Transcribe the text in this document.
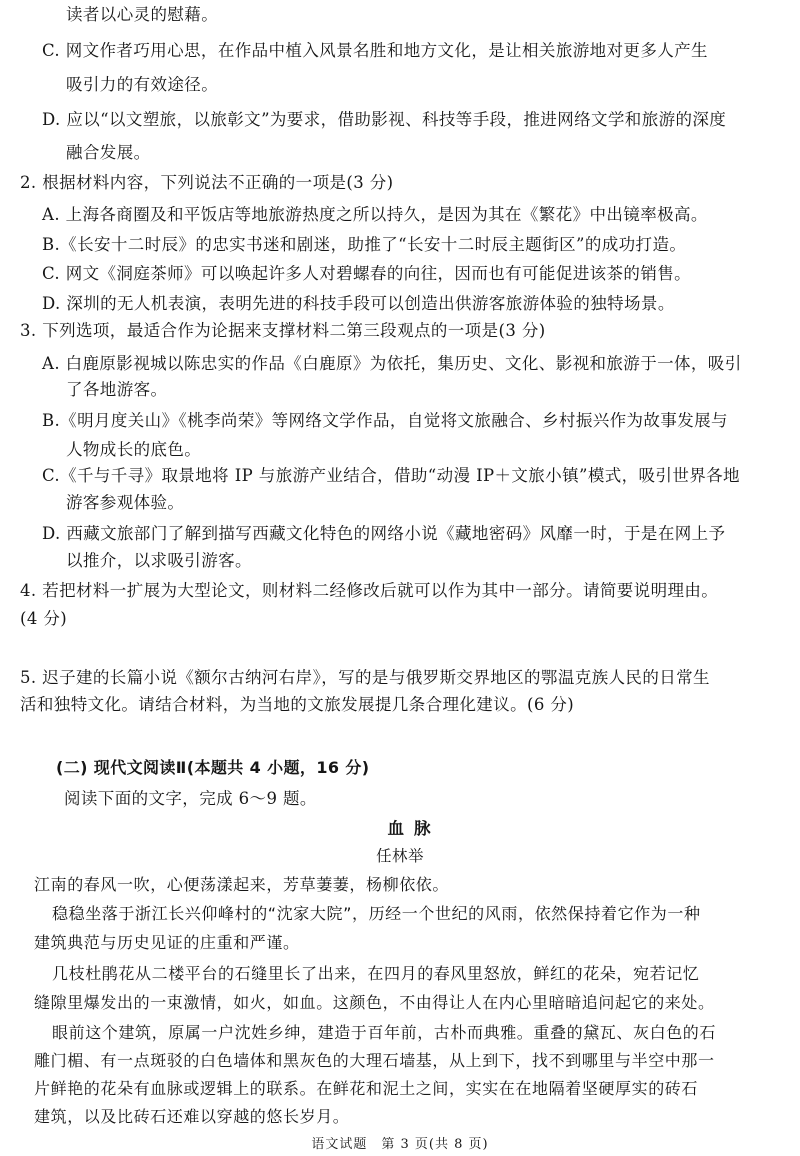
读者以心灵的慰藉。
C. 网文作者巧用心思，在作品中植入风景名胜和地方文化，是让相关旅游地对更多人产生
吸引力的有效途径。
D. 应以“以文塑旅，以旅彰文”为要求，借助影视、科技等手段，推进网络文学和旅游的深度
融合发展。
2. 根据材料内容，下列说法不正确的一项是(3 分)
A. 上海各商圈及和平饭店等地旅游热度之所以持久，是因为其在《繁花》中出镜率极高。
B.《长安十二时辰》的忠实书迷和剧迷，助推了“长安十二时辰主题街区”的成功打造。
C. 网文《洞庭茶师》可以唤起许多人对碧螺春的向往，因而也有可能促进该茶的销售。
D. 深圳的无人机表演，表明先进的科技手段可以创造出供游客旅游体验的独特场景。
3. 下列选项，最适合作为论据来支撑材料二第三段观点的一项是(3 分)
A. 白鹿原影视城以陈忠实的作品《白鹿原》为依托，集历史、文化、影视和旅游于一体，吸引
了各地游客。
B.《明月度关山》《桃李尚荣》等网络文学作品，自觉将文旅融合、乡村振兴作为故事发展与
人物成长的底色。
C.《千与千寻》取景地将 IP 与旅游产业结合，借助“动漫 IP＋文旅小镇”模式，吸引世界各地
游客参观体验。
D. 西藏文旅部门了解到描写西藏文化特色的网络小说《藏地密码》风靡一时，于是在网上予
以推介，以求吸引游客。
4. 若把材料一扩展为大型论文，则材料二经修改后就可以作为其中一部分。请简要说明理由。
(4 分)
5. 迟子建的长篇小说《额尔古纳河右岸》，写的是与俄罗斯交界地区的鄂温克族人民的日常生
活和独特文化。请结合材料，为当地的文旅发展提几条合理化建议。(6 分)
(二) 现代文阅读Ⅱ(本题共 4 小题，16 分)
阅读下面的文字，完成 6～9 题。
血脉
任林举
江南的春风一吹，心便荡漾起来，芳草萋萋，杨柳依依。
稳稳坐落于浙江长兴仰峰村的“沈家大院”，历经一个世纪的风雨，依然保持着它作为一种
建筑典范与历史见证的庄重和严谨。
几枝杜鹃花从二楼平台的石缝里长了出来，在四月的春风里怒放，鲜红的花朵，宛若记忆
缝隙里爆发出的一束激情，如火，如血。这颜色，不由得让人在内心里暗暗追问起它的来处。
眼前这个建筑，原属一户沈姓乡绅，建造于百年前，古朴而典雅。重叠的黛瓦、灰白色的石
雕门楣、有一点斑驳的白色墙体和黑灰色的大理石墙基，从上到下，找不到哪里与半空中那一
片鲜艳的花朵有血脉或逻辑上的联系。在鲜花和泥土之间，实实在在地隔着坚硬厚实的砖石
建筑，以及比砖石还难以穿越的悠长岁月。
语文试题　第 3 页(共 8 页)
